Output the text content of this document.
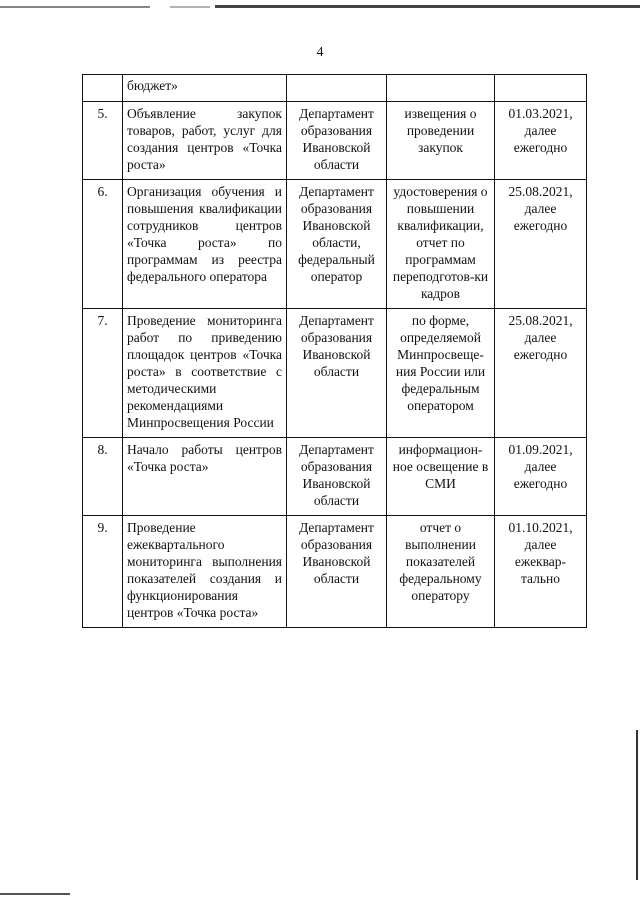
4
	бюджет»			
5.	Объявление закупок товаров, работ, услуг для создания центров «Точка роста»	Департамент образования Ивановской области	извещения о проведении закупок	01.03.2021, далее ежегодно
6.	Организация обучения и повышения квалификации сотрудников центров «Точка роста» по программам из реестра федерального оператора	Департамент образования Ивановской области, федеральный оператор	удостоверения о повышении квалификации, отчет по программам переподготов-ки кадров	25.08.2021, далее ежегодно
7.	Проведение мониторинга работ по приведению площадок центров «Точка роста» в соответствие с методическими рекомендациями Минпросвещения России	Департамент образования Ивановской области	по форме, определяемой Минпросвеще-ния России или федеральным оператором	25.08.2021, далее ежегодно
8.	Начало работы центров «Точка роста»	Департамент образования Ивановской области	информацион-ное освещение в СМИ	01.09.2021, далее ежегодно
9.	Проведение ежеквартального мониторинга выполнения показателей создания и функционирования центров «Точка роста»	Департамент образования Ивановской области	отчет о выполнении показателей федеральному оператору	01.10.2021, далее ежеквар-тально
